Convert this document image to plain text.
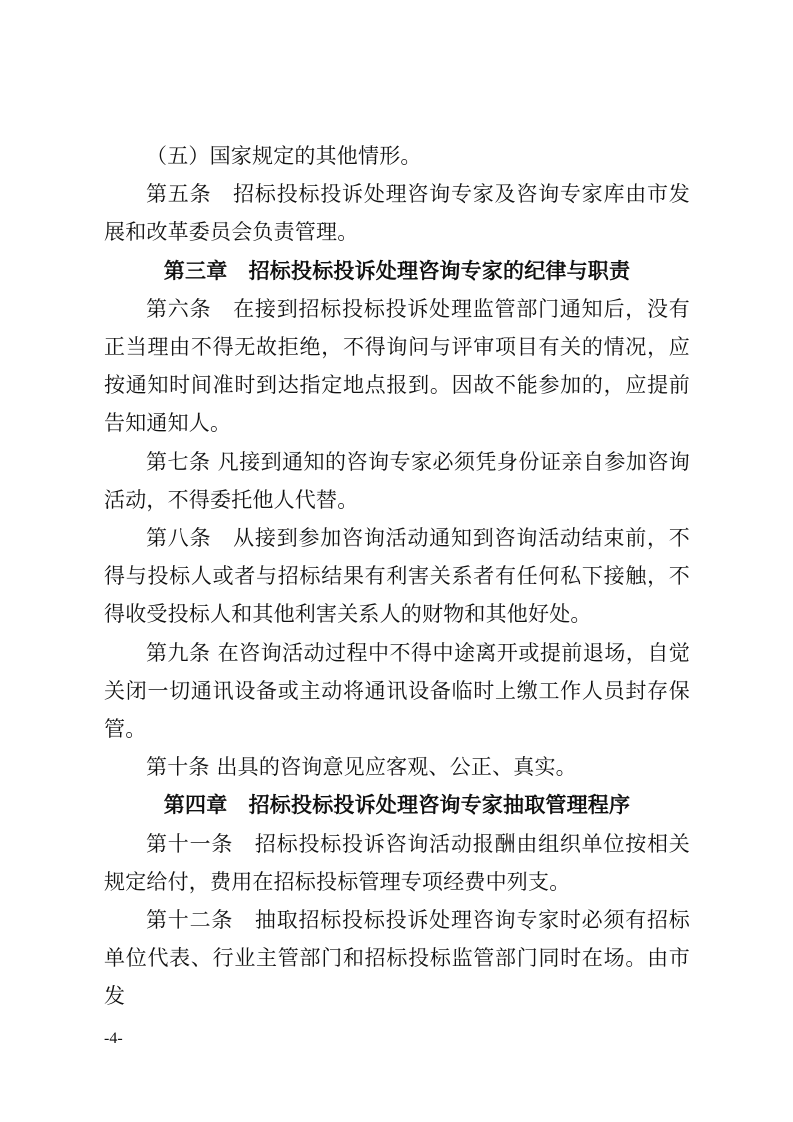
（五）国家规定的其他情形。

第五条　招标投标投诉处理咨询专家及咨询专家库由市发展和改革委员会负责管理。

第三章　招标投标投诉处理咨询专家的纪律与职责

第六条　在接到招标投标投诉处理监管部门通知后，没有正当理由不得无故拒绝，不得询问与评审项目有关的情况，应按通知时间准时到达指定地点报到。因故不能参加的，应提前告知通知人。

第七条 凡接到通知的咨询专家必须凭身份证亲自参加咨询活动，不得委托他人代替。

第八条　从接到参加咨询活动通知到咨询活动结束前，不得与投标人或者与招标结果有利害关系者有任何私下接触，不得收受投标人和其他利害关系人的财物和其他好处。

第九条 在咨询活动过程中不得中途离开或提前退场，自觉关闭一切通讯设备或主动将通讯设备临时上缴工作人员封存保管。

第十条 出具的咨询意见应客观、公正、真实。

第四章　招标投标投诉处理咨询专家抽取管理程序

第十一条　招标投标投诉咨询活动报酬由组织单位按相关规定给付，费用在招标投标管理专项经费中列支。

第十二条　抽取招标投标投诉处理咨询专家时必须有招标单位代表、行业主管部门和招标投标监管部门同时在场。由市发

-4-
